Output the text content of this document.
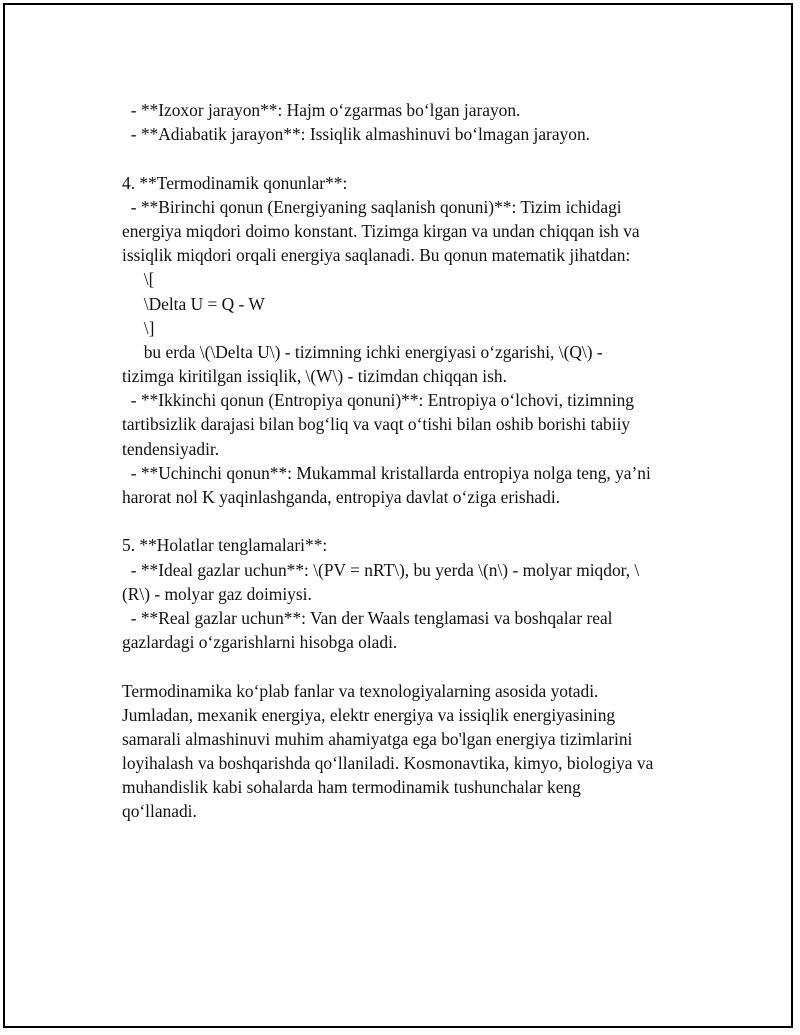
- **Izoxor jarayon**: Hajm o‘zgarmas bo‘lgan jarayon.
- **Adiabatik jarayon**: Issiqlik almashinuvi bo‘lmagan jarayon.
4. **Termodinamik qonunlar**:
- **Birinchi qonun (Energiyaning saqlanish qonuni)**: Tizim ichidagi
energiya miqdori doimo konstant. Tizimga kirgan va undan chiqqan ish va
issiqlik miqdori orqali energiya saqlanadi. Bu qonun matematik jihatdan:
\[
\Delta U = Q - W
\]
bu erda \(\Delta U\) - tizimning ichki energiyasi o‘zgarishi, \(Q\) -
tizimga kiritilgan issiqlik, \(W\) - tizimdan chiqqan ish.
- **Ikkinchi qonun (Entropiya qonuni)**: Entropiya o‘lchovi, tizimning
tartibsizlik darajasi bilan bog‘liq va vaqt o‘tishi bilan oshib borishi tabiiy
tendensiyadir.
- **Uchinchi qonun**: Mukammal kristallarda entropiya nolga teng, ya’ni
harorat nol K yaqinlashganda, entropiya davlat o‘ziga erishadi.
5. **Holatlar tenglamalari**:
- **Ideal gazlar uchun**: \(PV = nRT\), bu yerda \(n\) - molyar miqdor, \
(R\) - molyar gaz doimiysi.
- **Real gazlar uchun**: Van der Waals tenglamasi va boshqalar real
gazlardagi o‘zgarishlarni hisobga oladi.
Termodinamika ko‘plab fanlar va texnologiyalarning asosida yotadi.
Jumladan, mexanik energiya, elektr energiya va issiqlik energiyasining
samarali almashinuvi muhim ahamiyatga ega bo'lgan energiya tizimlarini
loyihalash va boshqarishda qo‘llaniladi. Kosmonavtika, kimyo, biologiya va
muhandislik kabi sohalarda ham termodinamik tushunchalar keng
qo‘llanadi.
